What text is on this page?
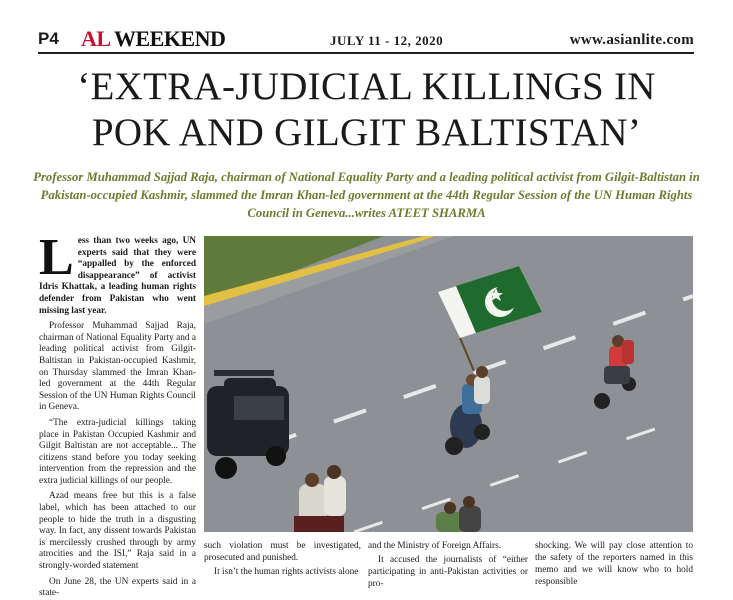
P4 AL WEEKEND	JULY 11 - 12, 2020	www.asianlite.com
‘EXTRA-JUDICIAL KILLINGS IN
POK AND GILGIT BALTISTAN’
Professor Muhammad Sajjad Raja, chairman of National Equality Party and a leading political activist from Gilgit-Baltistan in Pakistan-occupied Kashmir, slammed the Imran Khan-led government at the 44th Regular Session of the UN Human Rights Council in Geneva...writes ATEET SHARMA

Less than two weeks ago, UN experts said that they were “appalled by the enforced disappearance” of activist Idris Khattak, a leading human rights defender from Pakistan who went missing last year.

Professor Muhammad Sajjad Raja, chairman of National Equality Party and a leading political activist from Gilgit-Baltistan in Pakistan-occupied Kashmir, on Thursday slammed the Imran Khan-led government at the 44th Regular Session of the UN Human Rights Council in Geneva.

“The extra-judicial killings taking place in Pakistan Occupied Kashmir and Gilgit Baltistan are not acceptable... The citizens stand before you today seeking intervention from the repression and the extra judicial killings of our people.

Azad means free but this is a false label, which has been attached to our people to hide the truth in a disgusting way. In fact, any dissent towards Pakistan is mercilessly crushed through by army atrocities and the ISI,” Raja said in a strongly-worded statement

On June 28, the UN experts said in a state-

such violation must be investigated, prosecuted and punished.

It isn’t the human rights activists alone

and the Ministry of Foreign Affairs.

It accused the journalists of “either participating in anti-Pakistan activities or pro-

shocking. We will pay close attention to the safety of the reporters named in this memo and we will know who to hold responsible
